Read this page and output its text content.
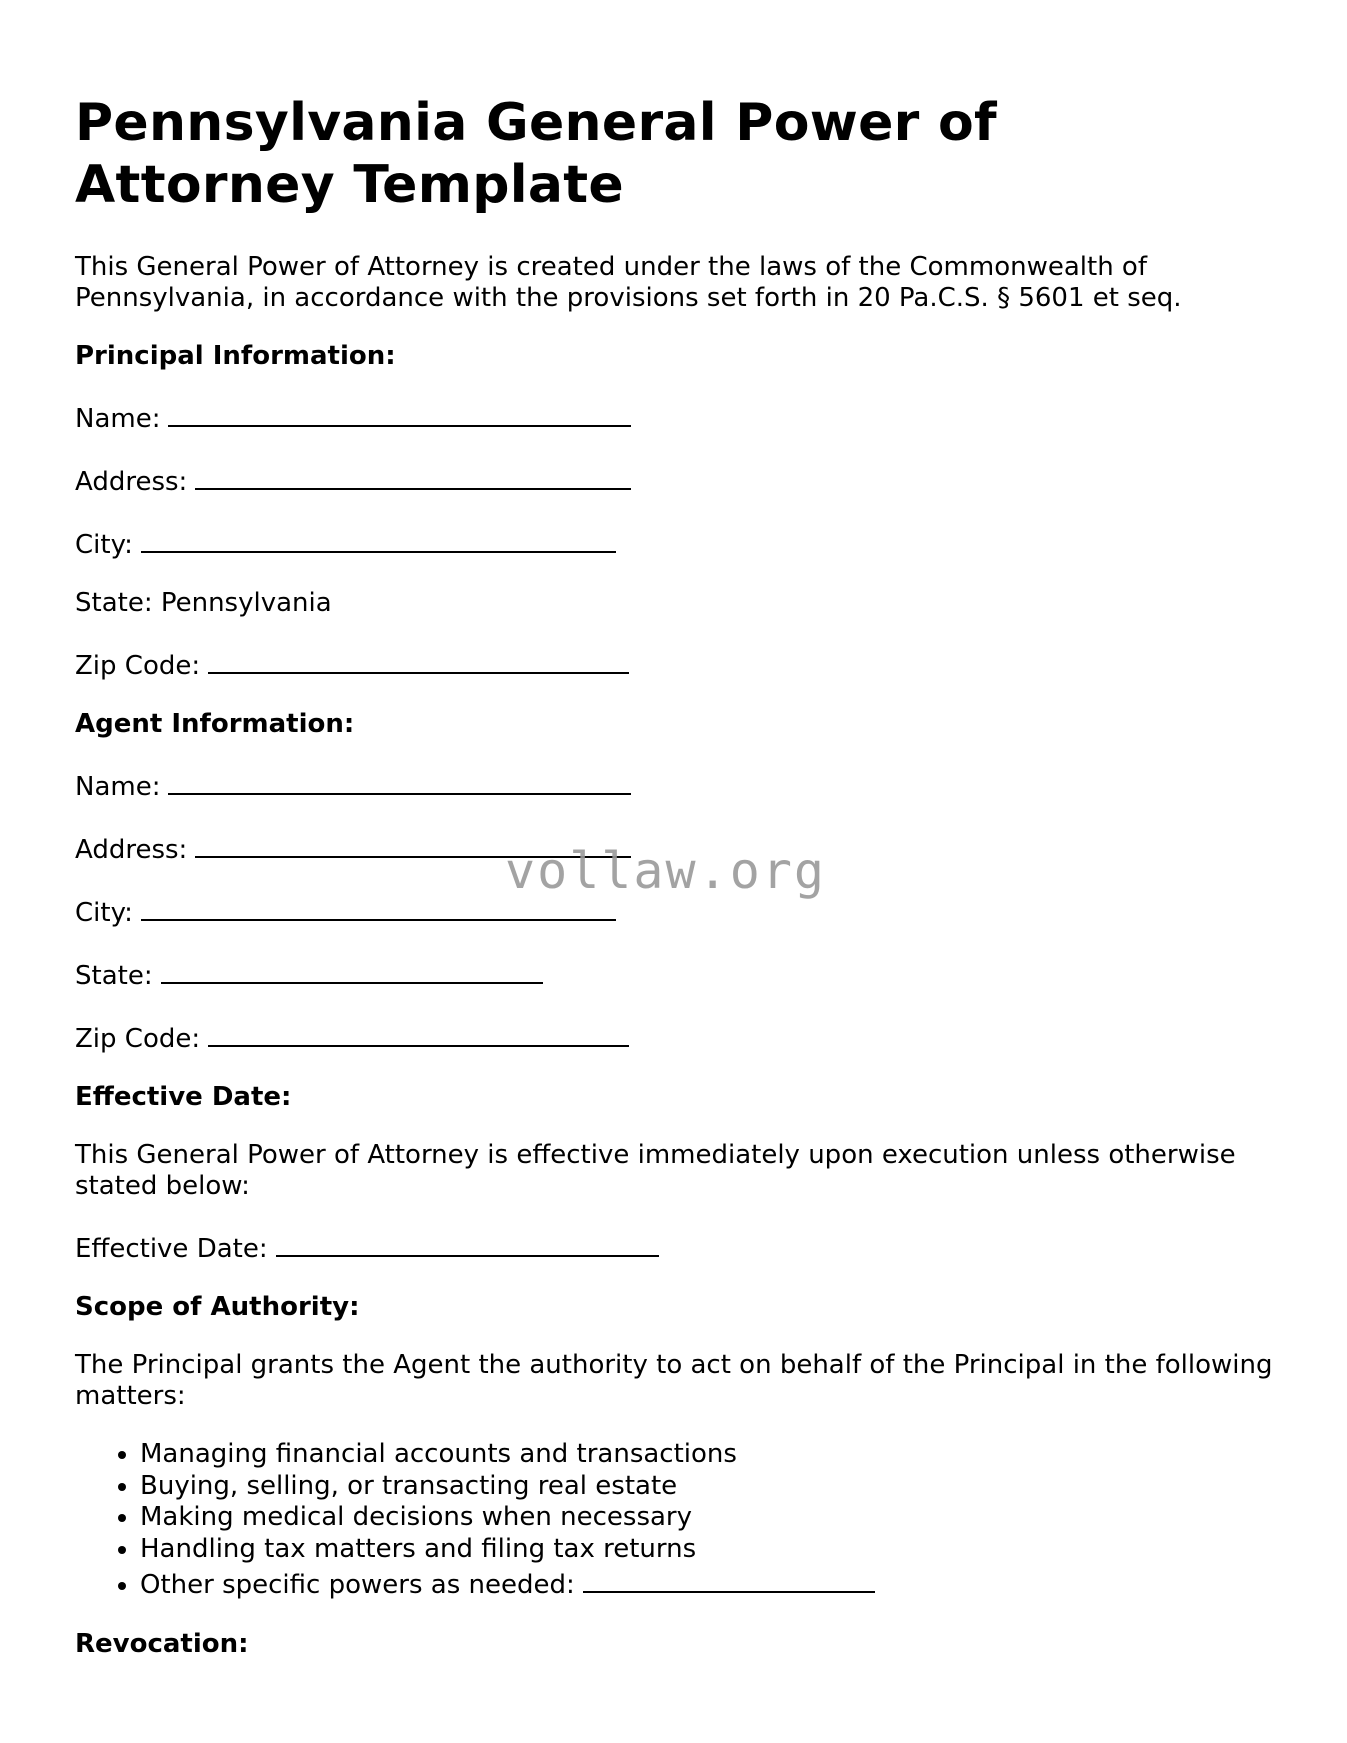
Pennsylvania General Power of Attorney Template

This General Power of Attorney is created under the laws of the Commonwealth of Pennsylvania, in accordance with the provisions set forth in 20 Pa.C.S. § 5601 et seq.

Principal Information:
Name:
Address:
City:
State: Pennsylvania
Zip Code:
Agent Information:
Name:
Address:
City:
State:
Zip Code:
Effective Date:

This General Power of Attorney is effective immediately upon execution unless otherwise stated below:

Effective Date:
Scope of Authority:

The Principal grants the Agent the authority to act on behalf of the Principal in the following matters:

• Managing financial accounts and transactions
• Buying, selling, or transacting real estate
• Making medical decisions when necessary
• Handling tax matters and filing tax returns
• Other specific powers as needed:
Revocation:
vollaw.org
